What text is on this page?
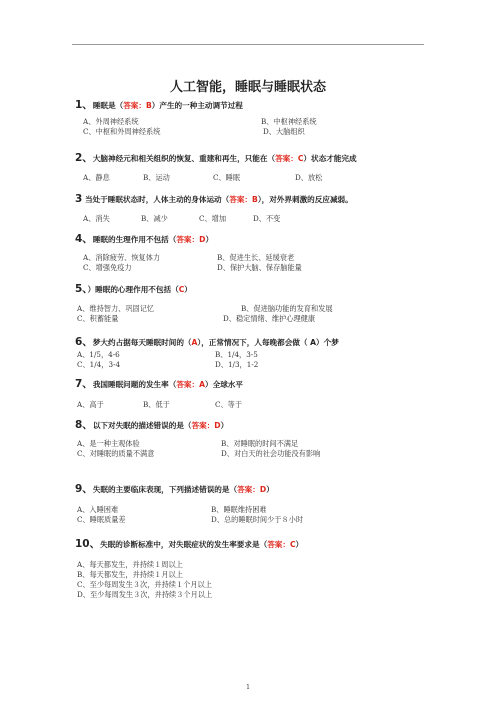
人工智能，睡眠与睡眠状态
1、睡眠是（答案：B）产生的一种主动调节过程
A、外周神经系统	B、中枢神经系统
C、中枢和外周神经系统	D、大脑组织
2、大脑神经元和相关组织的恢复、重建和再生，只能在（答案：C）状态才能完成
A、静息	B、运动	C、睡眠	D、放松
3 当处于睡眠状态时，人体主动的身体运动（答案：B），对外界刺激的反应减弱。
A、消失	B、减少	C、增加	D、不变
4、睡眠的生理作用不包括（答案：D）
A、消除疲劳、恢复体力	B、促进生长、延缓衰老
C、增强免疫力	D、保护大脑、保存脑能量
5、）睡眠的心理作用不包括（C）
A、维持智力、巩固记忆	B、促进脑功能的发育和发展
C、积蓄能量	D、稳定情绪、维护心理健康
6、梦大约占据每天睡眠时间的（A），正常情况下，人每晚都会做（ A）个梦
A、1/5，4-6	B、1/4，3-5
C、1/4，3-4	D、1/3，1-2
7、我国睡眠问题的发生率（答案：A）全球水平
A、高于	B、低于	C、等于
8、以下对失眠的描述错误的是（答案：D）
A、是一种主观体验	B、对睡眠的时间不满足
C、对睡眠的质量不满意	D、对白天的社会功能没有影响
9、失眠的主要临床表现，下列描述错误的是（答案：D）
A、入睡困难	B、睡眠维持困难
C、睡眠质量差	D、总的睡眠时间少于８小时
10、失眠的诊断标准中，对失眠症状的发生率要求是（答案：C）
A、每天都发生，并持续１周以上
B、每天都发生，并持续１月以上
C、至少每周发生３次，并持续１个月以上
D、至少每周发生３次，并持续３个月以上
1
